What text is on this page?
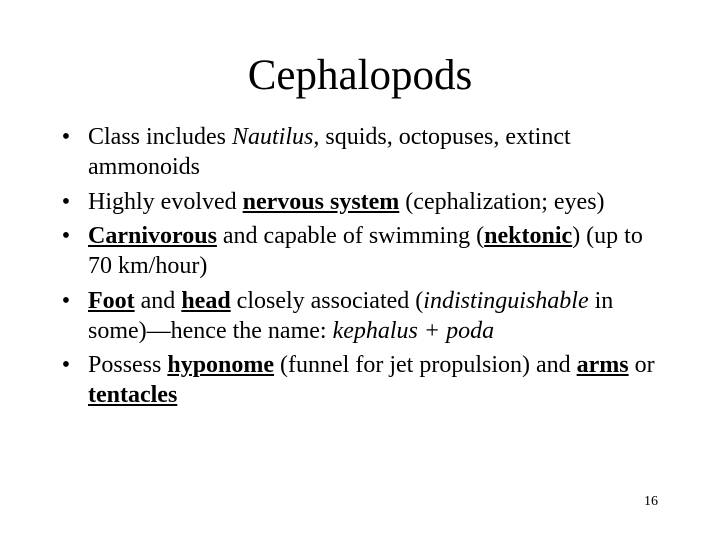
Cephalopods
• Class includes Nautilus, squids, octopuses, extinct ammonoids
• Highly evolved nervous system (cephalization; eyes)
• Carnivorous and capable of swimming (nektonic) (up to 70 km/hour)
• Foot and head closely associated (indistinguishable in some)—hence the name: kephalus + poda
• Possess hyponome (funnel for jet propulsion) and arms or tentacles
16
